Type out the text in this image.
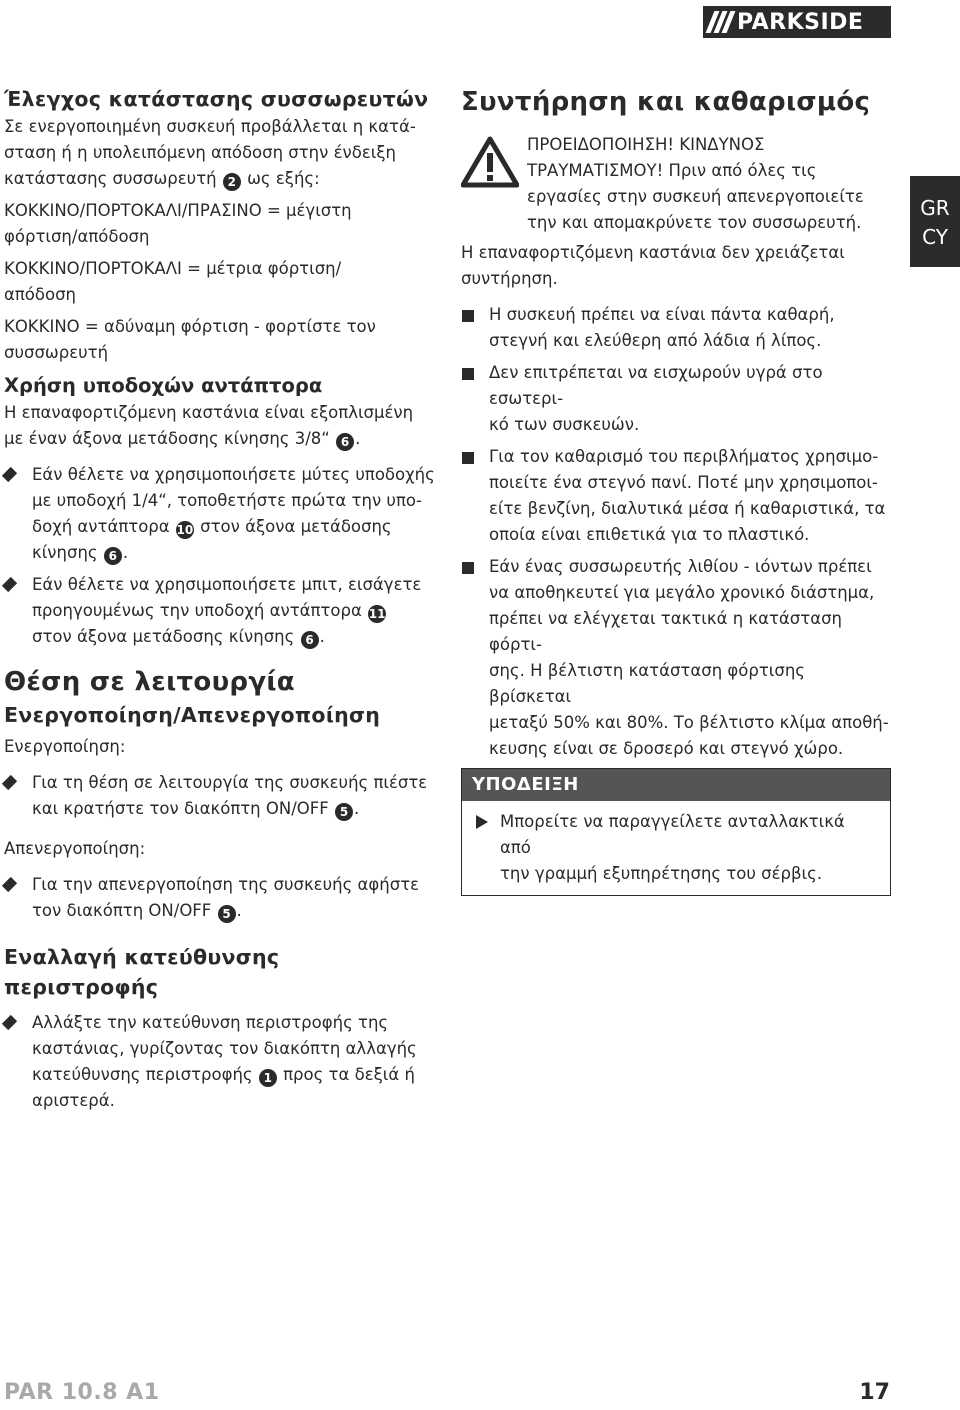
PARKSIDE
GR
CY
Έλεγχος κατάστασης συσσωρευτών

Σε ενεργοποιημένη συσκευή προβάλλεται η κατά-
σταση ή η υπολειπόμενη απόδοση στην ένδειξη
κατάστασης συσσωρευτή 2 ως εξής:

ΚΟΚΚΙΝΟ/ΠΟΡΤΟΚΑΛΙ/ΠΡΑΣΙΝΟ = μέγιστη
φόρτιση/απόδοση

ΚΟΚΚΙΝΟ/ΠΟΡΤΟΚΑΛΙ = μέτρια φόρτιση/
απόδοση

ΚΟΚΚΙΝΟ = αδύναμη φόρτιση - φορτίστε τον
συσσωρευτή

Χρήση υποδοχών αντάπτορα

Η επαναφορτιζόμενη καστάνια είναι εξοπλισμένη
με έναν άξονα μετάδοσης κίνησης 3/8“ 6 .

Εάν θέλετε να χρησιμοποιήσετε μύτες υποδοχής
με υποδοχή 1/4“, τοποθετήστε πρώτα την υπο-
δοχή αντάπτορα 10 στον άξονα μετάδοσης
κίνησης 6 .
Εάν θέλετε να χρησιμοποιήσετε μπιτ, εισάγετε
προηγουμένως την υποδοχή αντάπτορα 11
στον άξονα μετάδοσης κίνησης 6 .
Θέση σε λειτουργία
Ενεργοποίηση/Απενεργοποίηση

Ενεργοποίηση:

Για τη θέση σε λειτουργία της συσκευής πιέστε
και κρατήστε τον διακόπτη ON/OFF 5 .

Απενεργοποίηση:

Για την απενεργοποίηση της συσκευής αφήστε
τον διακόπτη ON/OFF 5 .
Εναλλαγή κατεύθυνσης περιστροφής
Αλλάξτε την κατεύθυνση περιστροφής της
καστάνιας, γυρίζοντας τον διακόπτη αλλαγής
κατεύθυνσης περιστροφής 1 προς τα δεξιά ή
αριστερά.
Συντήρηση και καθαρισμός
ΠΡΟΕΙΔΟΠΟΙΗΣΗ! ΚΙΝΔΥΝΟΣ
ΤΡΑΥΜΑΤΙΣΜΟΥ! Πριν από όλες τις
εργασίες στην συσκευή απενεργοποιείτε
την και απομακρύνετε τον συσσωρευτή.

Η επαναφορτιζόμενη καστάνια δεν χρειάζεται
συντήρηση.

Η συσκευή πρέπει να είναι πάντα καθαρή,
στεγνή και ελεύθερη από λάδια ή λίπος.
Δεν επιτρέπεται να εισχωρούν υγρά στο εσωτερι-
κό των συσκευών.
Για τον καθαρισμό του περιβλήματος χρησιμο-
ποιείτε ένα στεγνό πανί. Ποτέ μην χρησιμοποι-
είτε βενζίνη, διαλυτικά μέσα ή καθαριστικά, τα
οποία είναι επιθετικά για το πλαστικό.
Εάν ένας συσσωρευτής λιθίου - ιόντων πρέπει
να αποθηκευτεί για μεγάλο χρονικό διάστημα,
πρέπει να ελέγχεται τακτικά η κατάσταση φόρτι-
σης. Η βέλτιστη κατάσταση φόρτισης βρίσκεται
μεταξύ 50% και 80%. Το βέλτιστο κλίμα αποθή-
κευσης είναι σε δροσερό και στεγνό χώρο.
ΥΠΟΔΕΙΞΗ
Μπορείτε να παραγγείλετε ανταλλακτικά από
την γραμμή εξυπηρέτησης του σέρβις.
PAR 10.8 A1	17
